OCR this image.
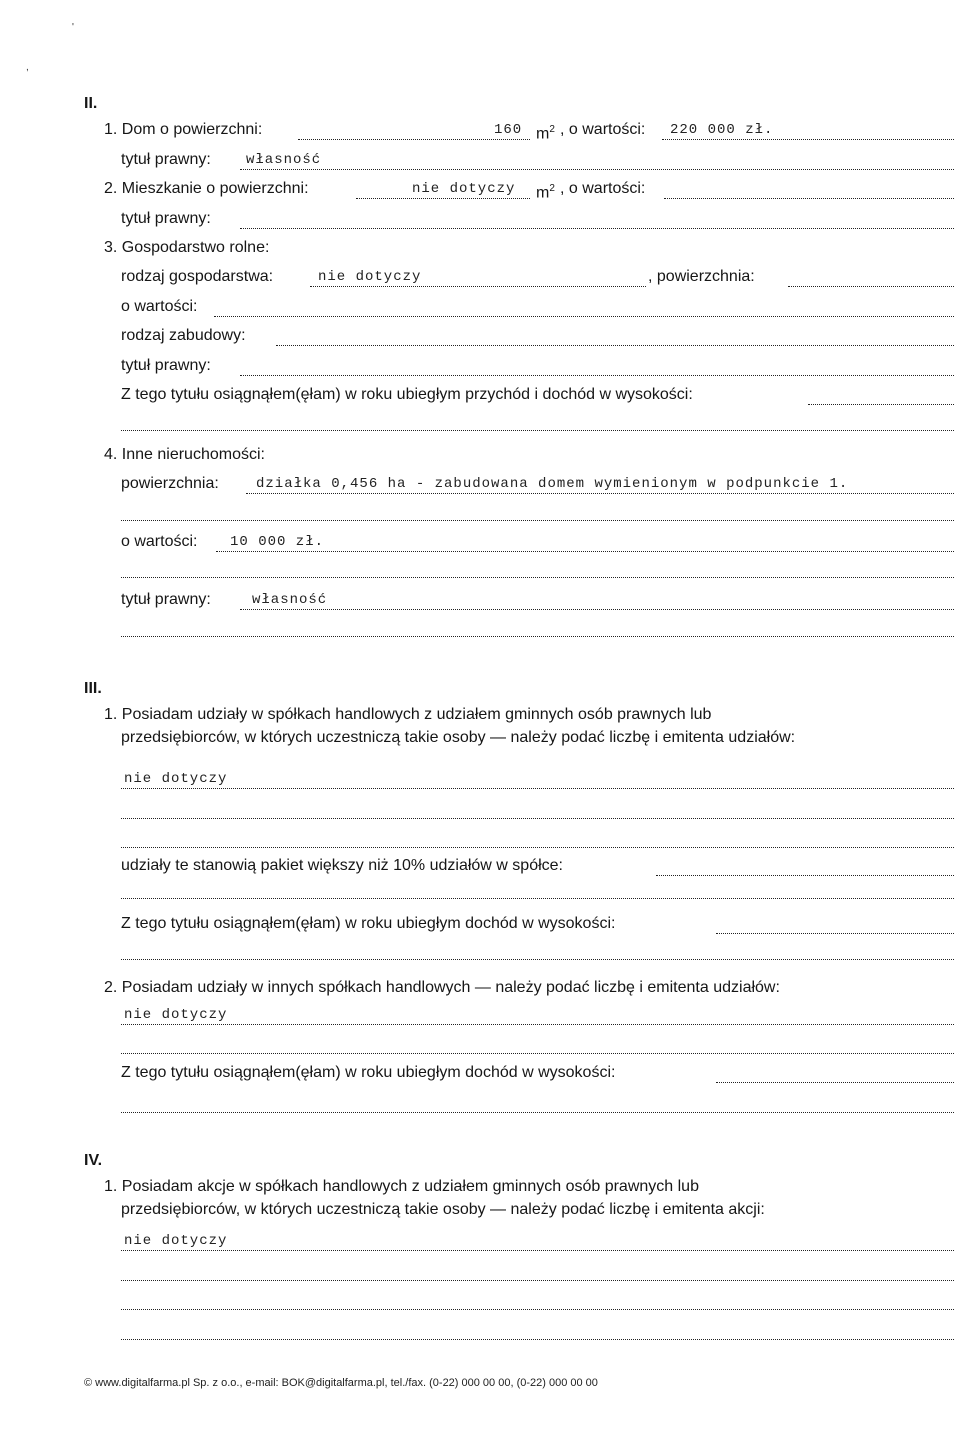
'
,
II.
1. Dom o powierzchni:	160 $m^2$ , o wartości: 220 000 zł.
tytuł prawny:	własność
2. Mieszkanie o powierzchni:	nie dotyczy $m^2$ , o wartości:
tytuł prawny:
3. Gospodarstwo rolne:
rodzaj gospodarstwa:	nie dotyczy	, powierzchnia:
o wartości:
rodzaj zabudowy:
tytuł prawny:
Z tego tytułu osiągnąłem(ęłam) w roku ubiegłym przychód i dochód w wysokości:
4. Inne nieruchomości:
powierzchnia:	działka 0,456 ha - zabudowana domem wymienionym w podpunkcie 1.
o wartości: 10 000 zł.
tytuł prawny:	własność
III.
1. Posiadam udziały w spółkach handlowych z udziałem gminnych osób prawnych lub
przedsiębiorców, w których uczestniczą takie osoby — należy podać liczbę i emitenta udziałów:
nie dotyczy
udziały te stanowią pakiet większy niż 10% udziałów w spółce:
Z tego tytułu osiągnąłem(ęłam) w roku ubiegłym dochód w wysokości:
2. Posiadam udziały w innych spółkach handlowych — należy podać liczbę i emitenta udziałów:
nie dotyczy
Z tego tytułu osiągnąłem(ęłam) w roku ubiegłym dochód w wysokości:
IV.
1. Posiadam akcje w spółkach handlowych z udziałem gminnych osób prawnych lub
przedsiębiorców, w których uczestniczą takie osoby — należy podać liczbę i emitenta akcji:
nie dotyczy
© www.digitalfarma.pl Sp. z o.o., e-mail: BOK@digitalfarma.pl, tel./fax. (0-22) 000 00 00, (0-22) 000 00 00
